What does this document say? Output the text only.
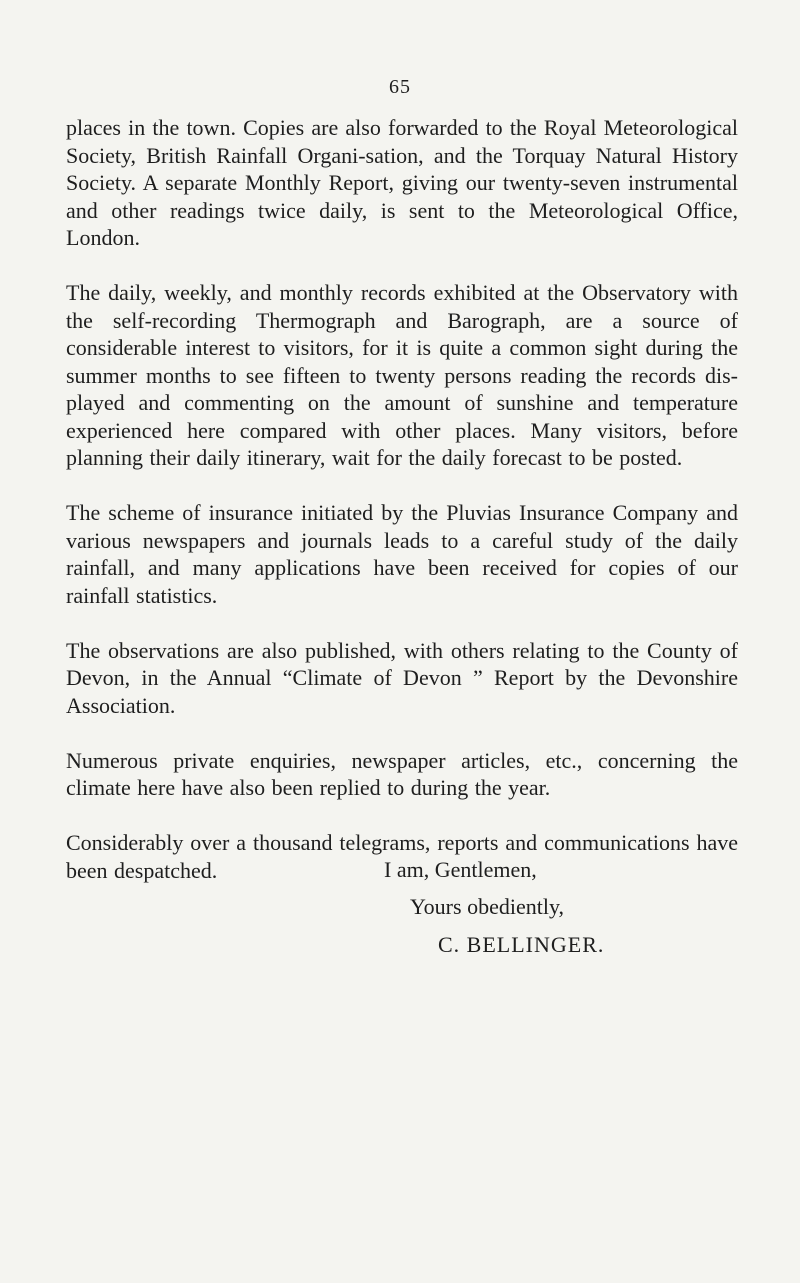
65

places in the town. Copies are also forwarded to the Royal Meteorological Society, British Rainfall Organi-sation, and the Torquay Natural History Society. A separate Monthly Report, giving our twenty-seven instrumental and other readings twice daily, is sent to the Meteorological Office, London.

The daily, weekly, and monthly records exhibited at the Observatory with the self-recording Thermograph and Barograph, are a source of considerable interest to visitors, for it is quite a common sight during the summer months to see fifteen to twenty persons reading the records dis-played and commenting on the amount of sunshine and temperature experienced here compared with other places. Many visitors, before planning their daily itinerary, wait for the daily forecast to be posted.

The scheme of insurance initiated by the Pluvias Insurance Company and various newspapers and journals leads to a careful study of the daily rainfall, and many applications have been received for copies of our rainfall statistics.

The observations are also published, with others relating to the County of Devon, in the Annual “Climate of Devon ” Report by the Devonshire Association.

Numerous private enquiries, newspaper articles, etc., concerning the climate here have also been replied to during the year.

Considerably over a thousand telegrams, reports and communications have been despatched.	I am, Gentlemen,
Yours obediently,
C. BELLINGER.
